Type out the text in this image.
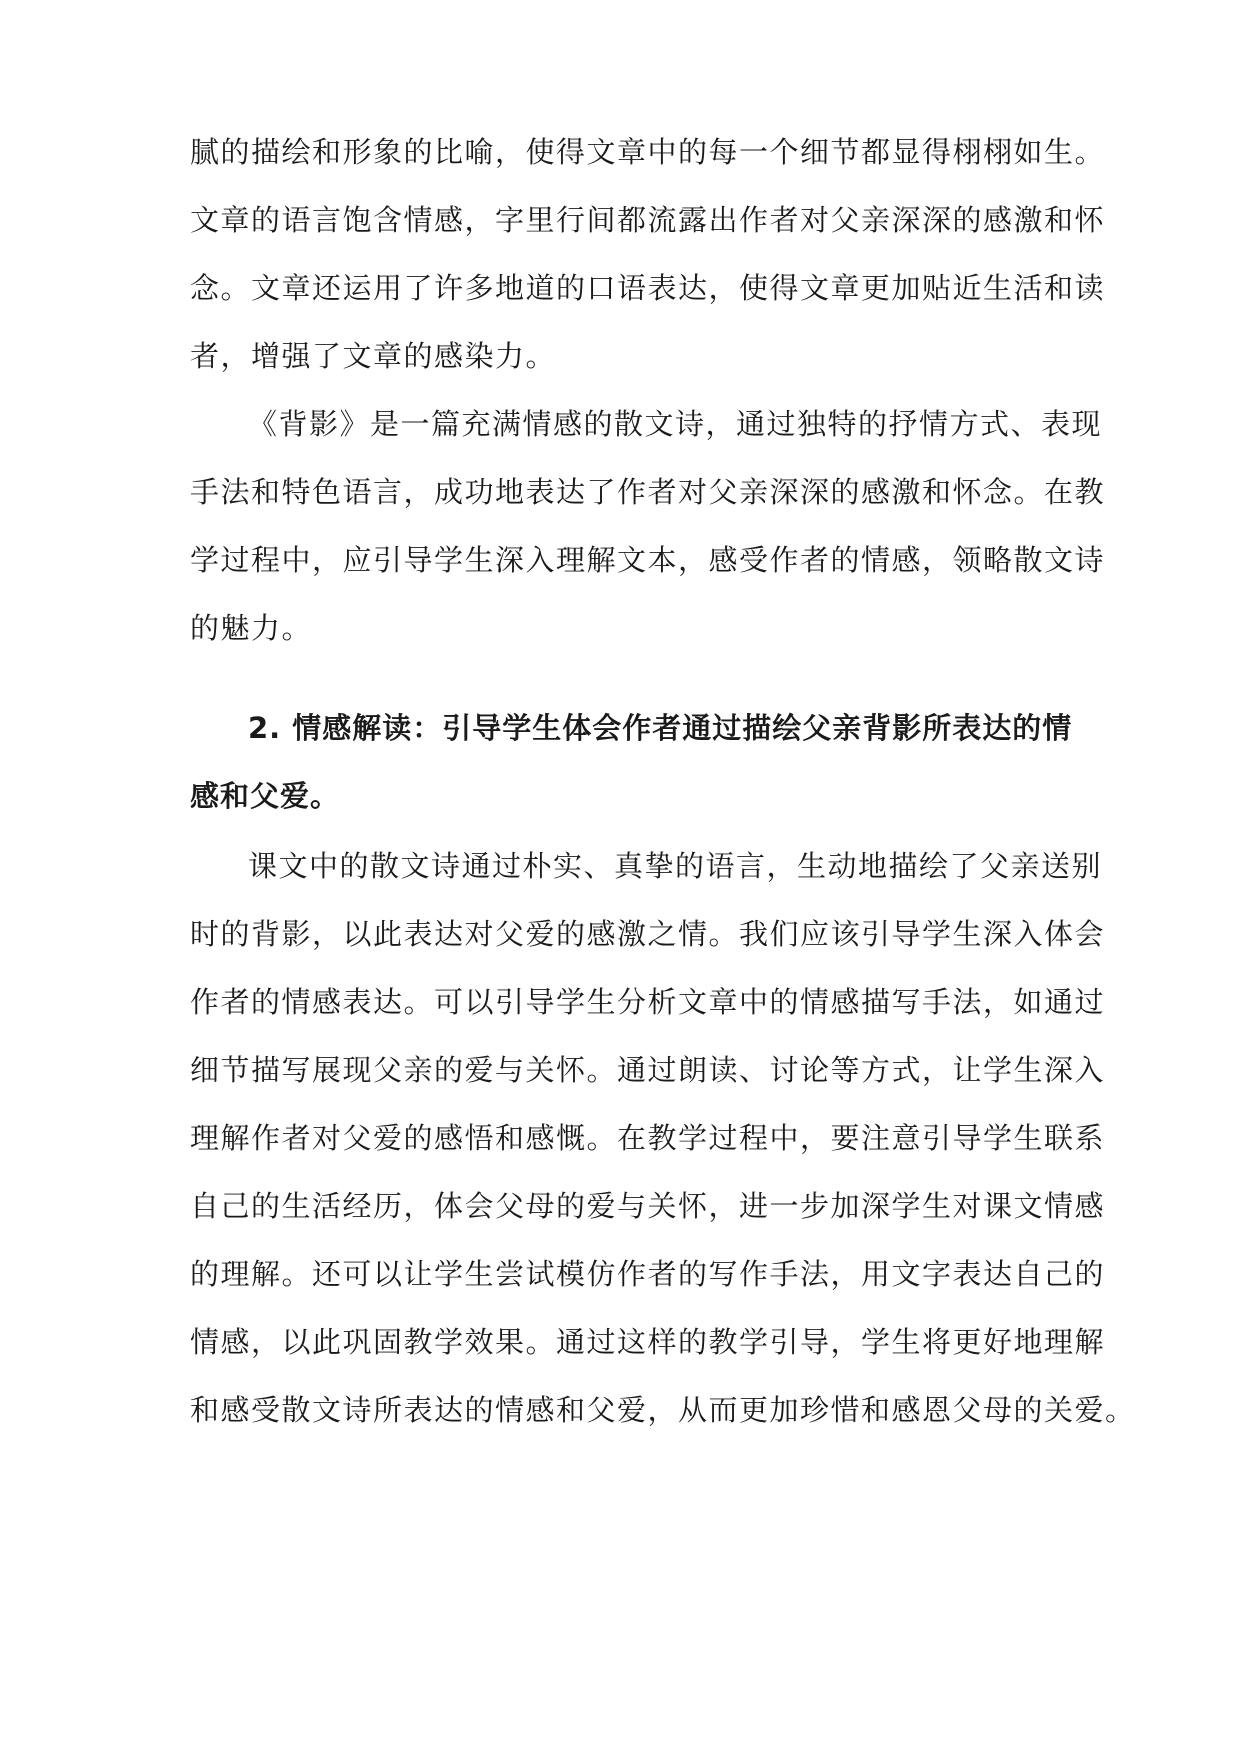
腻的描绘和形象的比喻，使得文章中的每一个细节都显得栩栩如生。
文章的语言饱含情感，字里行间都流露出作者对父亲深深的感激和怀
念。文章还运用了许多地道的口语表达，使得文章更加贴近生活和读
者，增强了文章的感染力。
《背影》是一篇充满情感的散文诗，通过独特的抒情方式、表现
手法和特色语言，成功地表达了作者对父亲深深的感激和怀念。在教
学过程中，应引导学生深入理解文本，感受作者的情感，领略散文诗
的魅力。
2. 情感解读：引导学生体会作者通过描绘父亲背影所表达的情
感和父爱。
课文中的散文诗通过朴实、真挚的语言，生动地描绘了父亲送别
时的背影，以此表达对父爱的感激之情。我们应该引导学生深入体会
作者的情感表达。可以引导学生分析文章中的情感描写手法，如通过
细节描写展现父亲的爱与关怀。通过朗读、讨论等方式，让学生深入
理解作者对父爱的感悟和感慨。在教学过程中，要注意引导学生联系
自己的生活经历，体会父母的爱与关怀，进一步加深学生对课文情感
的理解。还可以让学生尝试模仿作者的写作手法，用文字表达自己的
情感，以此巩固教学效果。通过这样的教学引导，学生将更好地理解
和感受散文诗所表达的情感和父爱，从而更加珍惜和感恩父母的关爱。
